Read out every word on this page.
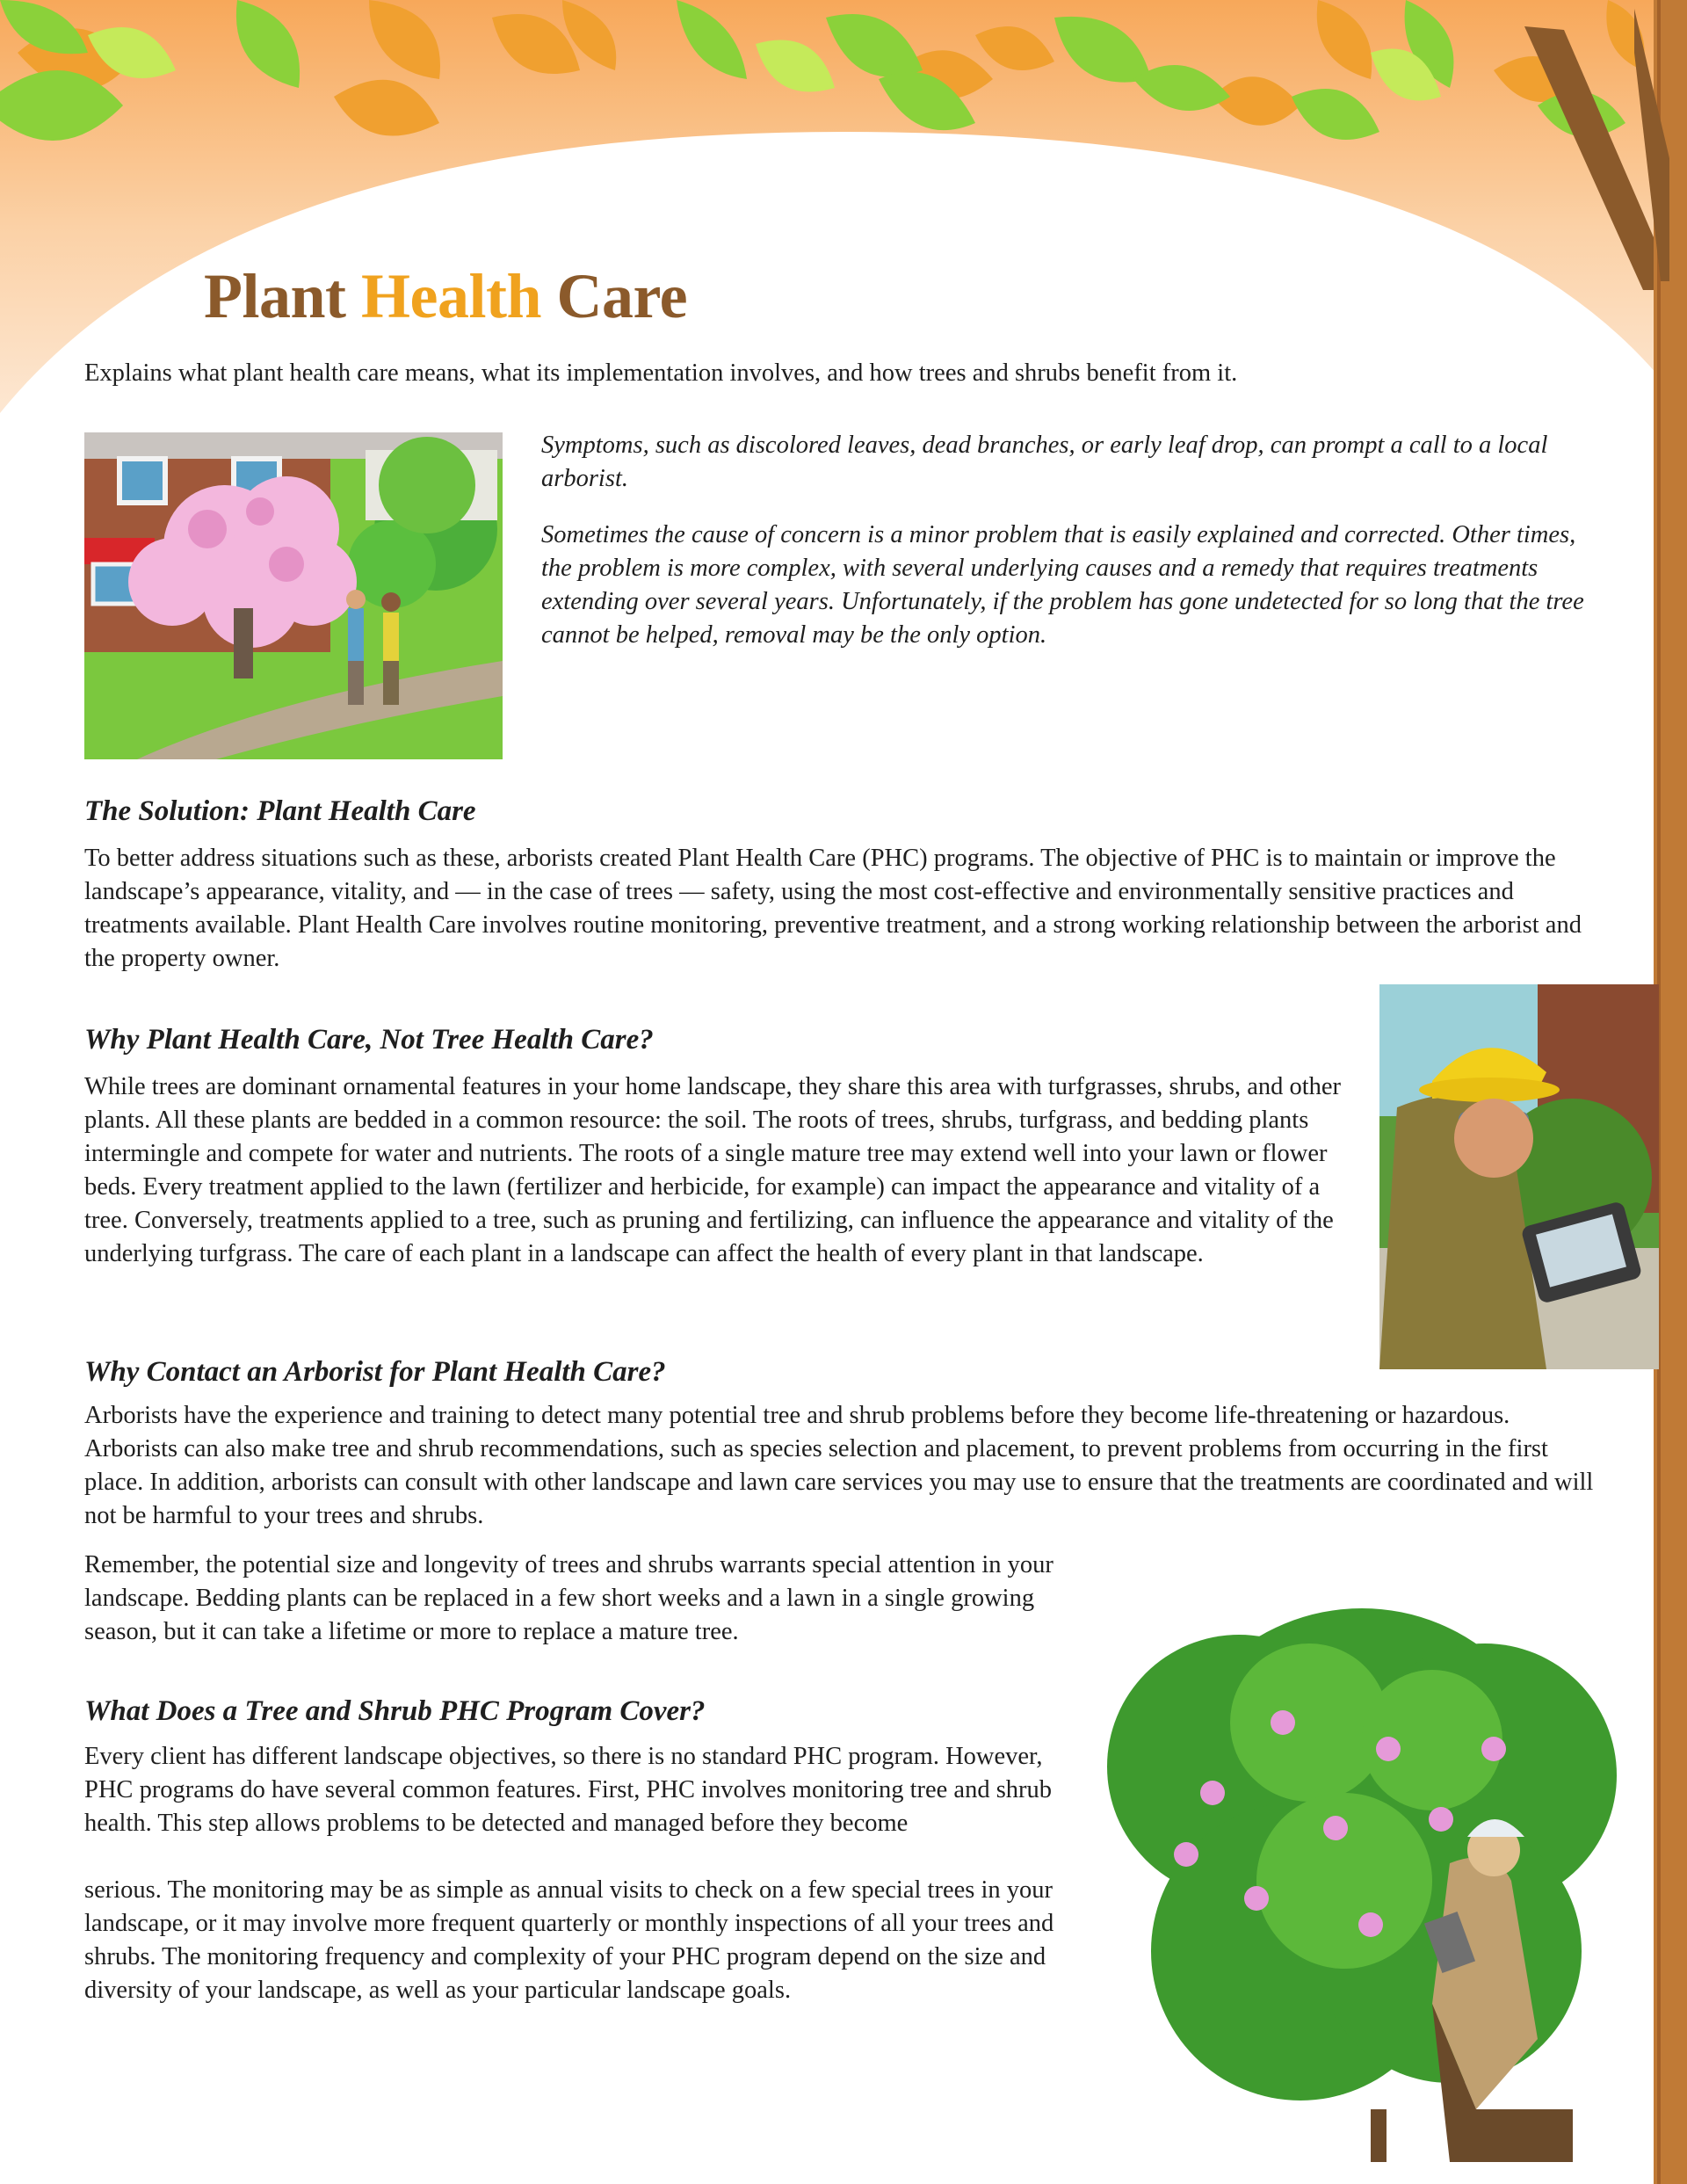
Plant Health Care

Explains what plant health care means, what its implementation involves, and how trees and shrubs benefit from it.

Symptoms, such as discolored leaves, dead branches, or early leaf drop, can prompt a call to a local arborist.

Sometimes the cause of concern is a minor problem that is easily explained and corrected. Other times, the problem is more complex, with several underlying causes and a remedy that requires treatments extending over several years. Unfortunately, if the problem has gone undetected for so long that the tree cannot be helped, removal may be the only option.

The Solution: Plant Health Care

To better address situations such as these, arborists created Plant Health Care (PHC) programs. The objective of PHC is to maintain or improve the landscape’s appearance, vitality, and — in the case of trees — safety, using the most cost-effective and environmentally sensitive practices and treatments available. Plant Health Care involves routine monitoring, preventive treatment, and a strong working relationship between the arborist and the property owner.

Why Plant Health Care, Not Tree Health Care?

While trees are dominant ornamental features in your home landscape, they share this area with turfgrasses, shrubs, and other plants. All these plants are bedded in a common resource: the soil. The roots of trees, shrubs, turfgrass, and bedding plants intermingle and compete for water and nutrients. The roots of a single mature tree may extend well into your lawn or flower beds. Every treatment applied to the lawn (fertilizer and herbicide, for example) can impact the appearance and vitality of a tree. Conversely, treatments applied to a tree, such as pruning and fertilizing, can influence the appearance and vitality of the underlying turfgrass. The care of each plant in a landscape can affect the health of every plant in that landscape.

Why Contact an Arborist for Plant Health Care?

Arborists have the experience and training to detect many potential tree and shrub problems before they become life-threatening or hazardous. Arborists can also make tree and shrub recommendations, such as species selection and placement, to prevent problems from occurring in the first place. In addition, arborists can consult with other landscape and lawn care services you may use to ensure that the treatments are coordinated and will not be harmful to your trees and shrubs.

Remember, the potential size and longevity of trees and shrubs warrants special attention in your landscape. Bedding plants can be replaced in a few short weeks and a lawn in a single growing season, but it can take a lifetime or more to replace a mature tree.

What Does a Tree and Shrub PHC Program Cover?

Every client has different landscape objectives, so there is no standard PHC program. However, PHC programs do have several common features. First, PHC involves monitoring tree and shrub health. This step allows problems to be detected and managed before they become

serious. The monitoring may be as simple as annual visits to check on a few special trees in your landscape, or it may involve more frequent quarterly or monthly inspections of all your trees and shrubs. The monitoring frequency and complexity of your PHC program depend on the size and diversity of your landscape, as well as your particular landscape goals.
